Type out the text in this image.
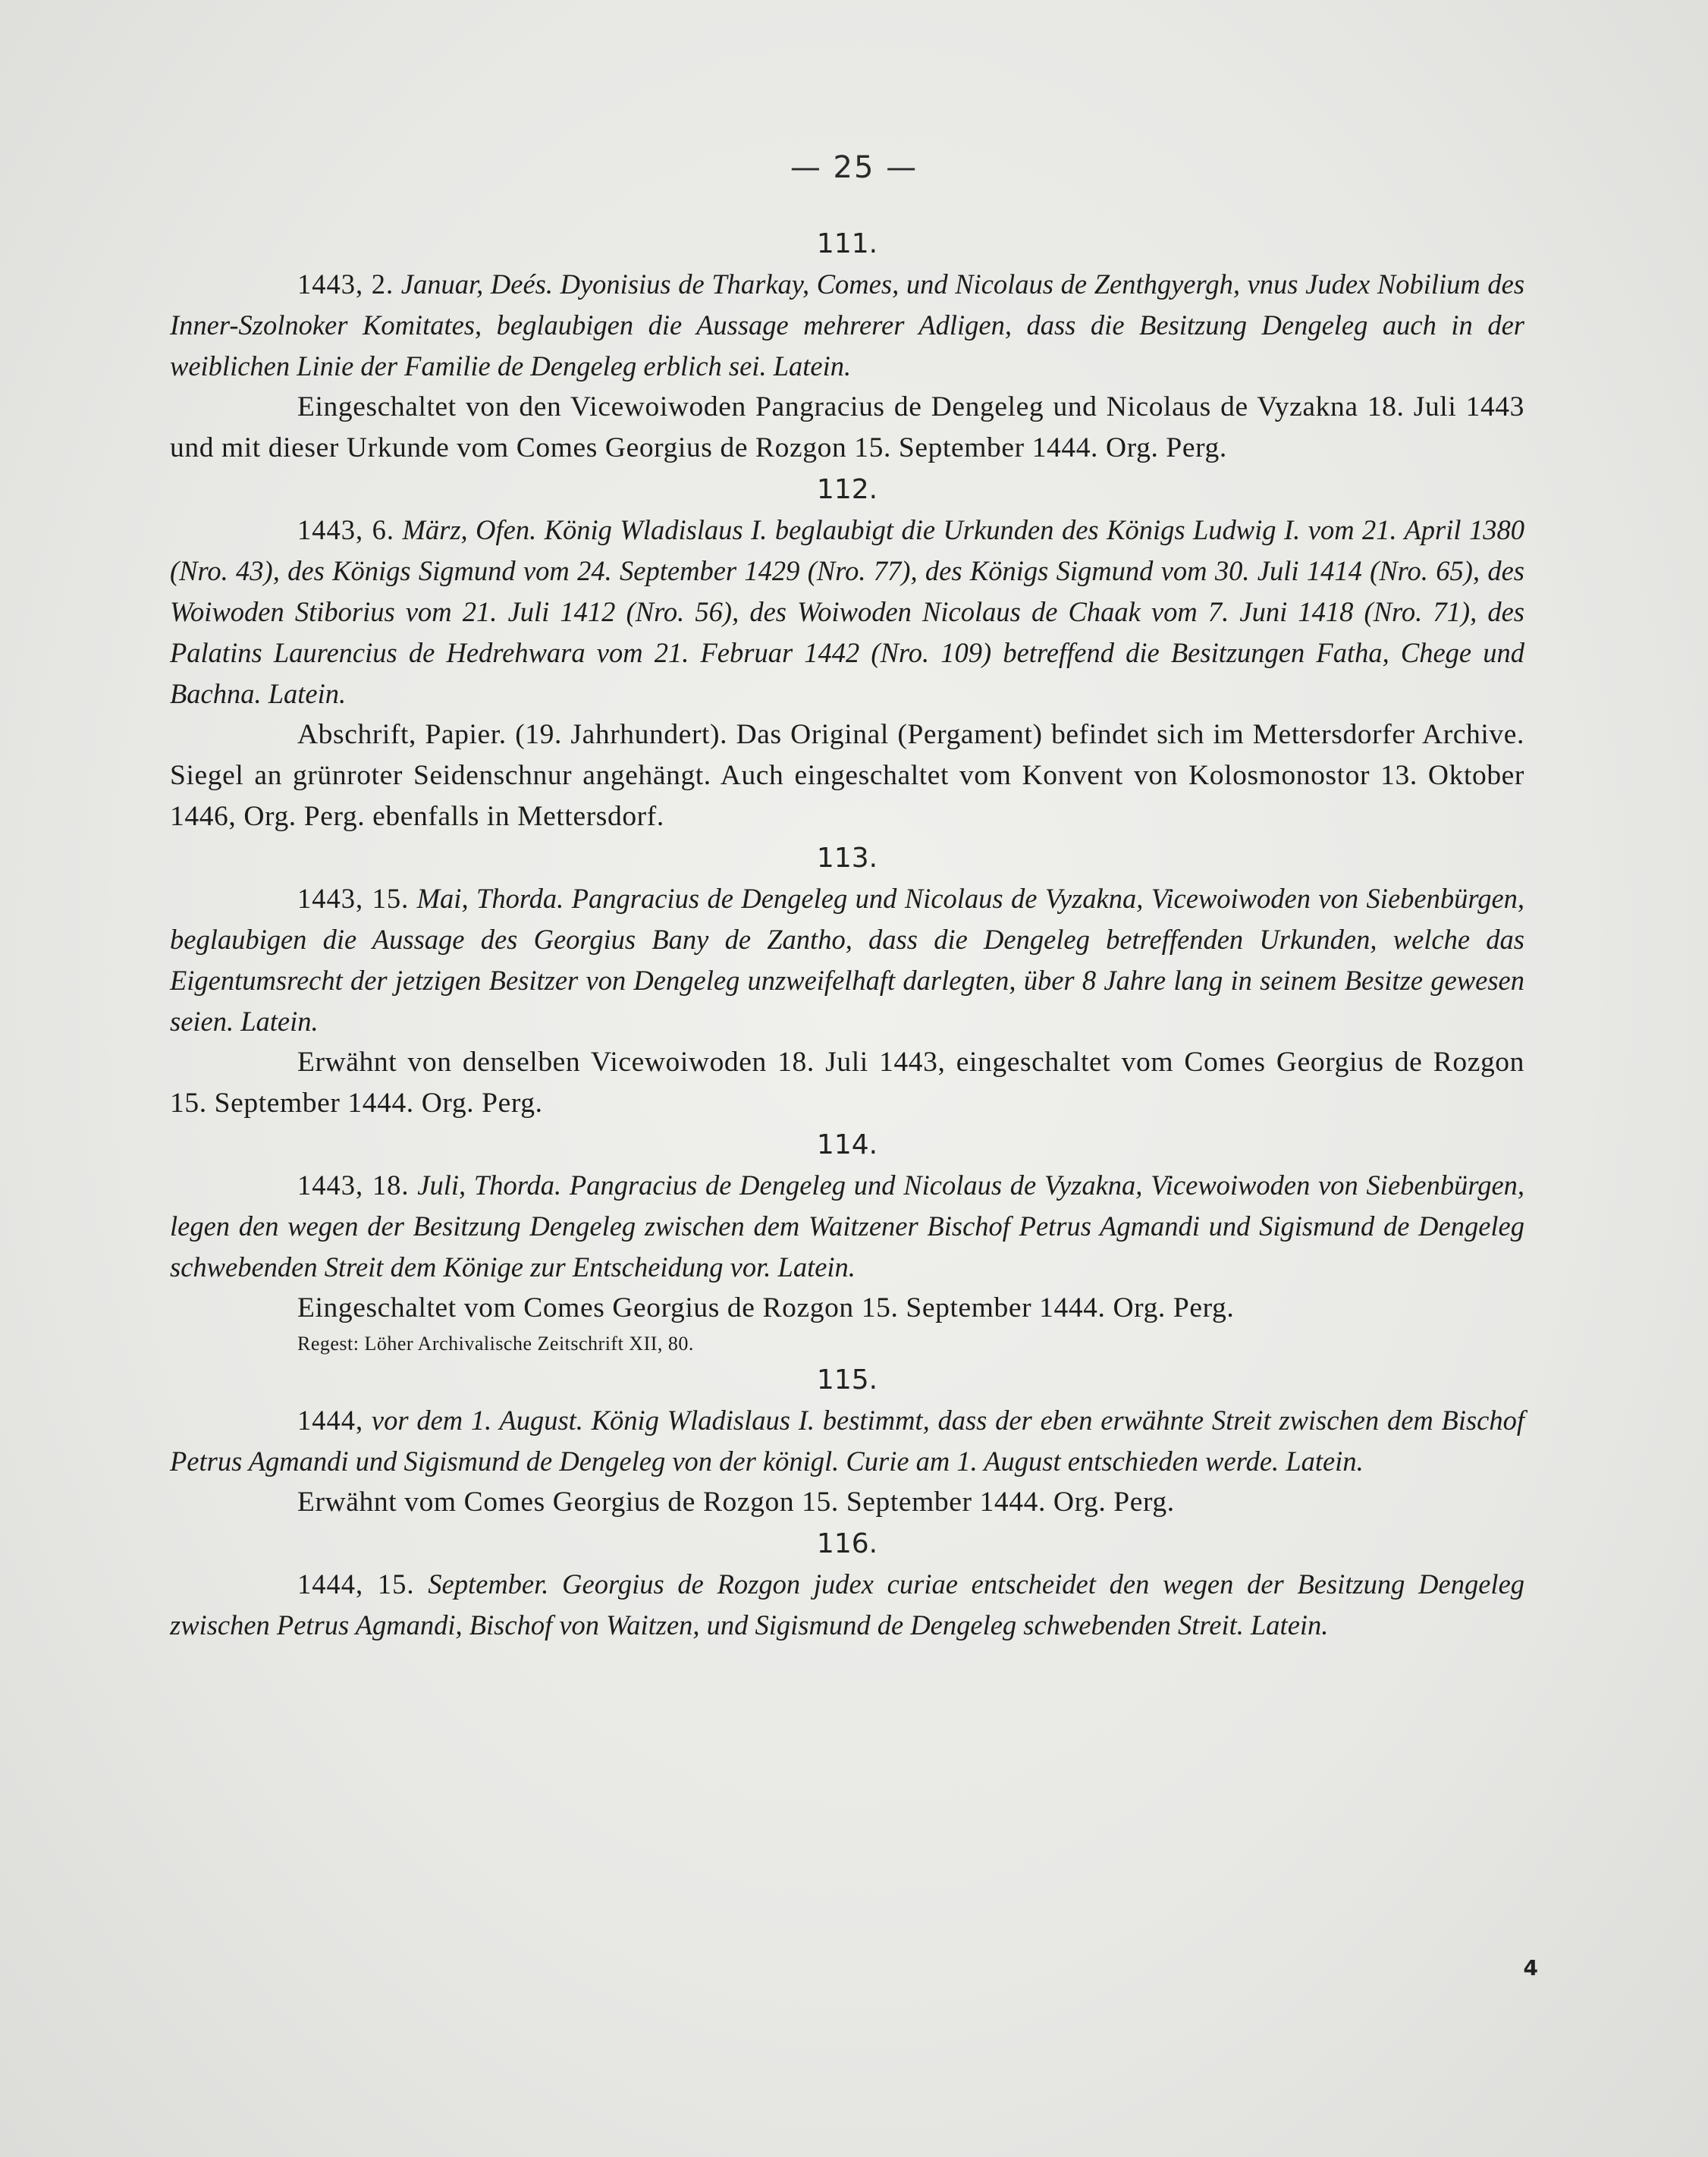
— 25 —

111.

1443, 2. Januar, Deés. Dyonisius de Tharkay, Comes, und Nicolaus de Zenthgyergh, vnus Judex Nobilium des Inner-Szolnoker Komitates, beglaubigen die Aussage mehrerer Adligen, dass die Besitzung Dengeleg auch in der weiblichen Linie der Familie de Dengeleg erblich sei. Latein.

Eingeschaltet von den Vicewoiwoden Pangracius de Dengeleg und Nicolaus de Vyzakna 18. Juli 1443 und mit dieser Urkunde vom Comes Georgius de Rozgon 15. September 1444. Org. Perg.

112.

1443, 6. März, Ofen. König Wladislaus I. beglaubigt die Urkunden des Königs Ludwig I. vom 21. April 1380 (Nro. 43), des Königs Sigmund vom 24. September 1429 (Nro. 77), des Königs Sigmund vom 30. Juli 1414 (Nro. 65), des Woiwoden Stiborius vom 21. Juli 1412 (Nro. 56), des Woiwoden Nicolaus de Chaak vom 7. Juni 1418 (Nro. 71), des Palatins Laurencius de Hedrehwara vom 21. Februar 1442 (Nro. 109) betreffend die Besitzungen Fatha, Chege und Bachna. Latein.

Abschrift, Papier. (19. Jahrhundert). Das Original (Pergament) befindet sich im Mettersdorfer Archive. Siegel an grünroter Seidenschnur angehängt. Auch eingeschaltet vom Konvent von Kolosmonostor 13. Oktober 1446, Org. Perg. ebenfalls in Mettersdorf.

113.

1443, 15. Mai, Thorda. Pangracius de Dengeleg und Nicolaus de Vyzakna, Vicewoiwoden von Siebenbürgen, beglaubigen die Aussage des Georgius Bany de Zantho, dass die Dengeleg betreffenden Urkunden, welche das Eigentumsrecht der jetzigen Besitzer von Dengeleg unzweifelhaft darlegten, über 8 Jahre lang in seinem Besitze gewesen seien. Latein.

Erwähnt von denselben Vicewoiwoden 18. Juli 1443, eingeschaltet vom Comes Georgius de Rozgon 15. September 1444. Org. Perg.

114.

1443, 18. Juli, Thorda. Pangracius de Dengeleg und Nicolaus de Vyzakna, Vicewoiwoden von Siebenbürgen, legen den wegen der Besitzung Dengeleg zwischen dem Waitzener Bischof Petrus Agmandi und Sigismund de Dengeleg schwebenden Streit dem Könige zur Entscheidung vor. Latein.

Eingeschaltet vom Comes Georgius de Rozgon 15. September 1444. Org. Perg.

Regest: Löher Archivalische Zeitschrift XII, 80.

115.

1444, vor dem 1. August. König Wladislaus I. bestimmt, dass der eben erwähnte Streit zwischen dem Bischof Petrus Agmandi und Sigismund de Dengeleg von der königl. Curie am 1. August entschieden werde. Latein.

Erwähnt vom Comes Georgius de Rozgon 15. September 1444. Org. Perg.

116.

1444, 15. September. Georgius de Rozgon judex curiae entscheidet den wegen der Besitzung Dengeleg zwischen Petrus Agmandi, Bischof von Waitzen, und Sigismund de Dengeleg schwebenden Streit. Latein.

4
